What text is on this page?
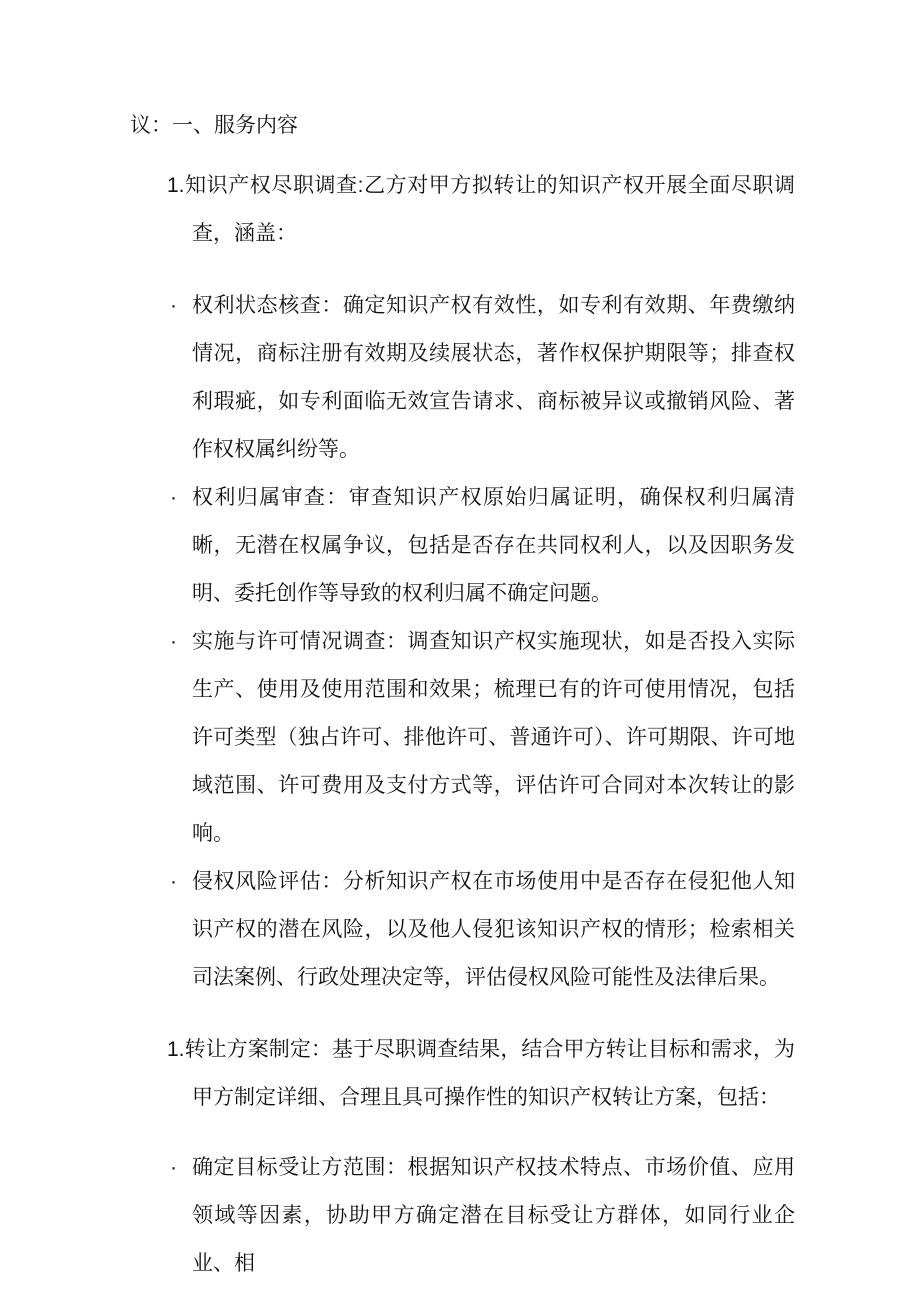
议：一、服务内容
1.知识产权尽职调查:乙方对甲方拟转让的知识产权开展全面尽职调查，涵盖：
· 权利状态核查：确定知识产权有效性，如专利有效期、年费缴纳情况，商标注册有效期及续展状态，著作权保护期限等；排查权利瑕疵，如专利面临无效宣告请求、商标被异议或撤销风险、著作权权属纠纷等。
· 权利归属审查：审查知识产权原始归属证明，确保权利归属清晰，无潜在权属争议，包括是否存在共同权利人，以及因职务发明、委托创作等导致的权利归属不确定问题。
· 实施与许可情况调查：调查知识产权实施现状，如是否投入实际生产、使用及使用范围和效果；梳理已有的许可使用情况，包括许可类型（独占许可、排他许可、普通许可）、许可期限、许可地域范围、许可费用及支付方式等，评估许可合同对本次转让的影响。
· 侵权风险评估：分析知识产权在市场使用中是否存在侵犯他人知识产权的潜在风险，以及他人侵犯该知识产权的情形；检索相关司法案例、行政处理决定等，评估侵权风险可能性及法律后果。
1.转让方案制定：基于尽职调查结果，结合甲方转让目标和需求，为甲方制定详细、合理且具可操作性的知识产权转让方案，包括：
· 确定目标受让方范围：根据知识产权技术特点、市场价值、应用领域等因素，协助甲方确定潜在目标受让方群体，如同行业企业、相
